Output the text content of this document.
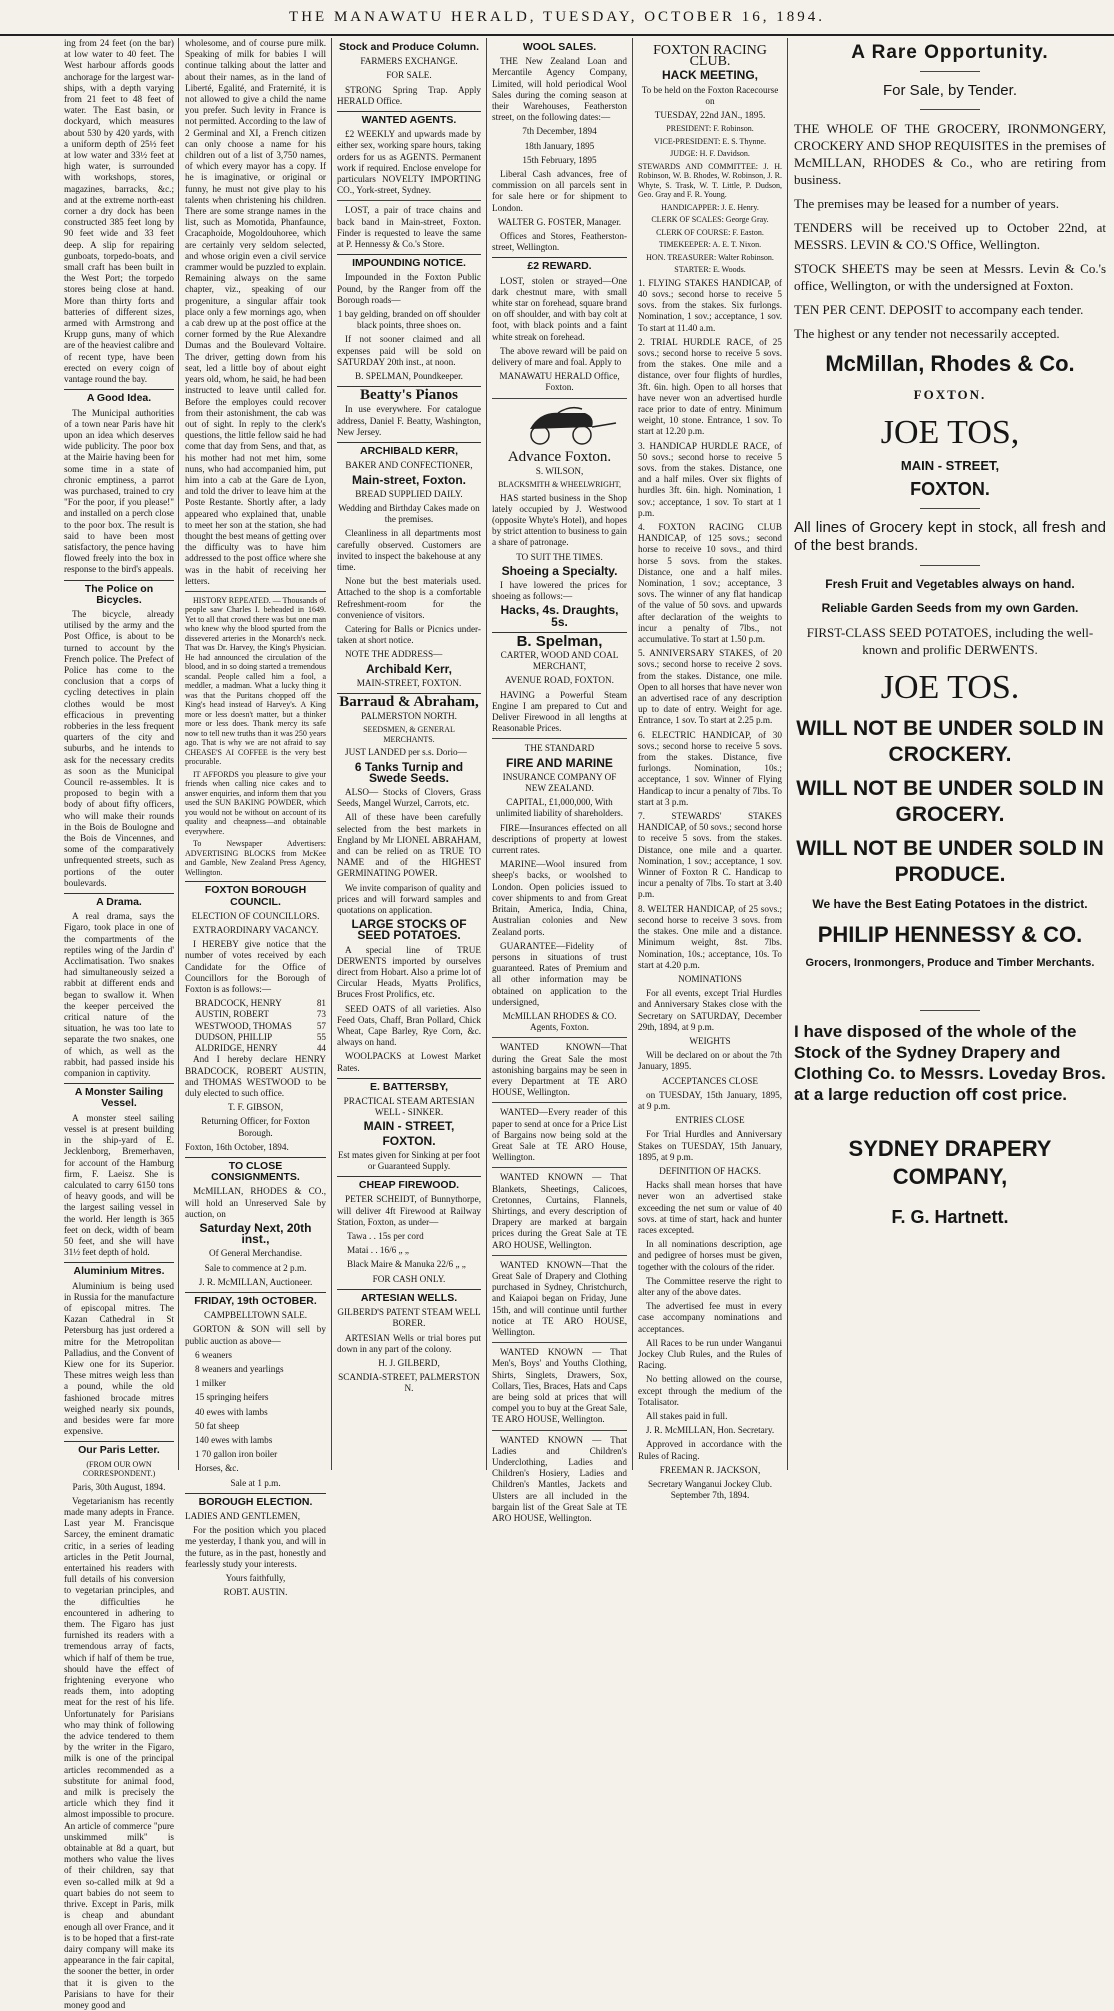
THE MANAWATU HERALD, TUESDAY, OCTOBER 16, 1894.

ing from 24 feet (on the bar) at low water to 40 feet. The West harbour affords goods anchorage for the largest war-ships, with a depth varying from 21 feet to 48 feet of water. The East basin, or dockyard, which measures about 530 by 420 yards, with a uniform depth of 25½ feet at low water and 33½ feet at high water, is surrounded with workshops, stores, magazines, barracks, &c.; and at the extreme north-east corner a dry dock has been constructed 385 feet long by 90 feet wide and 33 feet deep. A slip for repairing gunboats, torpedo-boats, and small craft has been built in the West Port; the torpedo stores being close at hand. More than thirty forts and batteries of different sizes, armed with Armstrong and Krupp guns, many of which are of the heaviest calibre and of recent type, have been erected on every coign of vantage round the bay.

A Good Idea.

The Municipal authorities of a town near Paris have hit upon an idea which deserves wide publicity. The poor box at the Mairie having been for some time in a state of chronic emptiness, a parrot was purchased, trained to cry "For the poor, if you please!" and installed on a perch close to the poor box. The result is said to have been most satisfactory, the pence having flowed freely into the box in response to the bird's appeals.

The Police on Bicycles.

The bicycle, already utilised by the army and the Post Office, is about to be turned to account by the French police. The Prefect of Police has come to the conclusion that a corps of cycling detectives in plain clothes would be most efficacious in preventing robberies in the less frequent quarters of the city and suburbs, and he intends to ask for the necessary credits as soon as the Municipal Council re-assembles. It is proposed to begin with a body of about fifty officers, who will make their rounds in the Bois de Boulogne and the Bois de Vincennes, and some of the comparatively unfrequented streets, such as portions of the outer boulevards.

A Drama.

A real drama, says the Figaro, took place in one of the compartments of the reptiles wing of the Jardin d' Acclimatisation. Two snakes had simultaneously seized a rabbit at different ends and began to swallow it. When the keeper perceived the critical nature of the situation, he was too late to separate the two snakes, one of which, as well as the rabbit, had passed inside his companion in captivity.

A Monster Sailing Vessel.

A monster steel sailing vessel is at present building in the ship-yard of E. Jecklenborg, Bremerhaven, for account of the Hamburg firm, F. Laeisz. She is calculated to carry 6150 tons of heavy goods, and will be the largest sailing vessel in the world. Her length is 365 feet on deck, width of beam 50 feet, and she will have 31½ feet depth of hold.

Aluminium Mitres.

Aluminium is being used in Russia for the manufacture of episcopal mitres. The Kazan Cathedral in St Petersburg has just ordered a mitre for the Metropolitan Palladius, and the Convent of Kiew one for its Superior. These mitres weigh less than a pound, while the old fashioned brocade mitres weighed nearly six pounds, and besides were far more expensive.

Our Paris Letter.

(FROM OUR OWN CORRESPONDENT.)

Paris, 30th August, 1894.

Vegetarianism has recently made many adepts in France. Last year M. Francisque Sarcey, the eminent dramatic critic, in a series of leading articles in the Petit Journal, entertained his readers with full details of his conversion to vegetarian principles, and the difficulties he encountered in adhering to them. The Figaro has just furnished its readers with a tremendous array of facts, which if half of them be true, should have the effect of frightening everyone who reads them, into adopting meat for the rest of his life. Unfortunately for Parisians who may think of following the advice tendered to them by the writer in the Figaro, milk is one of the principal articles recommended as a substitute for animal food, and milk is precisely the article which they find it almost impossible to procure. An article of commerce "pure unskimmed milk" is obtainable at 8d a quart, but mothers who value the lives of their children, say that even so-called milk at 9d a quart babies do not seem to thrive. Except in Paris, milk is cheap and abundant enough all over France, and it is to be hoped that a first-rate dairy company will make its appearance in the fair capital, the sooner the better, in order that it is given to the Parisians to have for their money good and

wholesome, and of course pure milk. Speaking of milk for babies I will continue talking about the latter and about their names, as in the land of Liberté, Egalité, and Fraternité, it is not allowed to give a child the name you prefer. Such levity in France is not permitted. According to the law of 2 Germinal and XI, a French citizen can only choose a name for his children out of a list of 3,750 names, of which every mayor has a copy. If he is imaginative, or original or funny, he must not give play to his talents when christening his children. There are some strange names in the list, such as Momotida, Phanfaunce, Cracaphoide, Mogoldouhoree, which are certainly very seldom selected, and whose origin even a civil service crammer would be puzzled to explain. Remaining always on the same chapter, viz., speaking of our progeniture, a singular affair took place only a few mornings ago, when a cab drew up at the post office at the corner formed by the Rue Alexandre Dumas and the Boulevard Voltaire. The driver, getting down from his seat, led a little boy of about eight years old, whom, he said, he had been instructed to leave until called for. Before the employes could recover from their astonishment, the cab was out of sight. In reply to the clerk's questions, the little fellow said he had come that day from Sens, and that, as his mother had not met him, some nuns, who had accompanied him, put him into a cab at the Gare de Lyon, and told the driver to leave him at the Poste Restante. Shortly after, a lady appeared who explained that, unable to meet her son at the station, she had thought the best means of getting over the difficulty was to have him addressed to the post office where she was in the habit of receiving her letters.

HISTORY REPEATED. — Thousands of people saw Charles I. beheaded in 1649. Yet to all that crowd there was but one man who knew why the blood spurted from the dissevered arteries in the Monarch's neck. That was Dr. Harvey, the King's Physician. He had announced the circulation of the blood, and in so doing started a tremendous scandal. People called him a fool, a meddler, a madman. What a lucky thing it was that the Puritans chopped off the King's head instead of Harvey's. A King more or less doesn't matter, but a thinker more or less does. Thank mercy its safe now to tell new truths than it was 250 years ago. That is why we are not afraid to say CHEASE'S AI COFFEE is the very best procurable.

IT AFFORDS you pleasure to give your friends when calling nice cakes and to answer enquiries, and inform them that you used the SUN BAKING POWDER, which you would not be without on account of its quality and cheapness—and obtainable everywhere.

To Newspaper Advertisers: ADVERTISING BLOCKS from McKee and Gamble, New Zealand Press Agency, Wellington.

FOXTON BOROUGH COUNCIL.

ELECTION OF COUNCILLORS.

EXTRAORDINARY VACANCY.

I HEREBY give notice that the number of votes received by each Candidate for the Office of Councillors for the Borough of Foxton is as follows:—

BRADCOCK, HENRY	81
AUSTIN, ROBERT	73
WESTWOOD, THOMAS	57
DUDSON, PHILLIP	55
ALDRIDGE, HENRY	44

And I hereby declare HENRY BRADCOCK, ROBERT AUSTIN, and THOMAS WESTWOOD to be duly elected to such office.

T. F. GIBSON,

Returning Officer, for Foxton Borough.

Foxton, 16th October, 1894.

TO CLOSE CONSIGNMENTS.

McMILLAN, RHODES & CO., will hold an Unreserved Sale by auction, on

Saturday Next, 20th inst.,

Of General Merchandise.

Sale to commence at 2 p.m.

J. R. McMILLAN, Auctioneer.

FRIDAY, 19th OCTOBER.

CAMPBELLTOWN SALE.

GORTON & SON will sell by public auction as above—

6 weaners

8 weaners and yearlings

1 milker

15 springing heifers

40 ewes with lambs

50 fat sheep

140 ewes with lambs

1 70 gallon iron boiler

Horses, &c.

Sale at 1 p.m.

BOROUGH ELECTION.

LADIES AND GENTLEMEN,

For the position which you placed me yesterday, I thank you, and will in the future, as in the past, honestly and fearlessly study your interests.

Yours faithfully,

ROBT. AUSTIN.

Stock and Produce Column.

FARMERS EXCHANGE.

FOR SALE.

STRONG Spring Trap. Apply HERALD Office.

WANTED AGENTS.

£2 WEEKLY and upwards made by either sex, working spare hours, taking orders for us as AGENTS. Permanent work if required. Enclose envelope for particulars NOVELTY IMPORTING CO., York-street, Sydney.

LOST, a pair of trace chains and back band in Main-street, Foxton. Finder is requested to leave the same at P. Hennessy & Co.'s Store.

IMPOUNDING NOTICE.

Impounded in the Foxton Public Pound, by the Ranger from off the Borough roads—

1 bay gelding, branded on off shoulder black points, three shoes on.

If not sooner claimed and all expenses paid will be sold on SATURDAY 20th inst., at noon.

B. SPELMAN, Poundkeeper.

Beatty's Pianos

In use everywhere. For catalogue address, Daniel F. Beatty, Washington, New Jersey.

ARCHIBALD KERR,

BAKER AND CONFECTIONER,

Main-street, Foxton.

BREAD SUPPLIED DAILY.

Wedding and Birthday Cakes made on the premises.

Cleanliness in all departments most carefully observed. Customers are invited to inspect the bakehouse at any time.

None but the best materials used. Attached to the shop is a comfortable Refreshment-room for the convenience of visitors.

Catering for Balls or Picnics under-taken at short notice.

NOTE THE ADDRESS—

Archibald Kerr,

MAIN-STREET, FOXTON.

Barraud & Abraham,

PALMERSTON NORTH.

SEEDSMEN, & GENERAL MERCHANTS.

JUST LANDED per s.s. Dorio—

6 Tanks Turnip and Swede Seeds.

ALSO— Stocks of Clovers, Grass Seeds, Mangel Wurzel, Carrots, etc.

All of these have been carefully selected from the best markets in England by Mr LIONEL ABRAHAM, and can be relied on as TRUE TO NAME and of the HIGHEST GERMINATING POWER.

We invite comparison of quality and prices and will forward samples and quotations on application.

LARGE STOCKS OF SEED POTATOES.

A special line of TRUE DERWENTS imported by ourselves direct from Hobart. Also a prime lot of Circular Heads, Myatts Prolifics, Bruces Frost Prolifics, etc.

SEED OATS of all varieties. Also Feed Oats, Chaff, Bran Pollard, Chick Wheat, Cape Barley, Rye Corn, &c. always on hand.

WOOLPACKS at Lowest Market Rates.

E. BATTERSBY,

PRACTICAL STEAM ARTESIAN WELL - SINKER.

MAIN - STREET,

FOXTON.

Est mates given for Sinking at per foot or Guaranteed Supply.

CHEAP FIREWOOD.

PETER SCHEIDT, of Bunnythorpe, will deliver 4ft Firewood at Railway Station, Foxton, as under—

Tawa . . 15s per cord

Matai . . 16/6 „ „

Black Maire & Manuka 22/6 „ „

FOR CASH ONLY.

ARTESIAN WELLS.

GILBERD'S PATENT STEAM WELL BORER.

ARTESIAN Wells or trial bores put down in any part of the colony.

H. J. GILBERD,

SCANDIA-STREET, PALMERSTON N.

WOOL SALES.

THE New Zealand Loan and Mercantile Agency Company, Limited, will hold periodical Wool Sales during the coming season at their Warehouses, Featherston street, on the following dates:—

7th December, 1894

18th January, 1895

15th February, 1895

Liberal Cash advances, free of commission on all parcels sent in for sale here or for shipment to London.

WALTER G. FOSTER, Manager.

Offices and Stores, Featherston-street, Wellington.

£2 REWARD.

LOST, stolen or strayed—One dark chestnut mare, with small white star on forehead, square brand on off shoulder, and with bay colt at foot, with black points and a faint white streak on forehead.

The above reward will be paid on delivery of mare and foal. Apply to

MANAWATU HERALD Office, Foxton.

Advance Foxton.

S. WILSON,

BLACKSMITH & WHEELWRIGHT,

HAS started business in the Shop lately occupied by J. Westwood (opposite Whyte's Hotel), and hopes by strict attention to business to gain a share of patronage.

TO SUIT THE TIMES.

Shoeing a Specialty.

I have lowered the prices for shoeing as follows:—

Hacks, 4s. Draughts, 5s.

B. Spelman,

CARTER, WOOD AND COAL MERCHANT,

AVENUE ROAD, FOXTON.

HAVING a Powerful Steam Engine I am prepared to Cut and Deliver Firewood in all lengths at Reasonable Prices.

THE STANDARD

FIRE AND MARINE

INSURANCE COMPANY OF NEW ZEALAND.

CAPITAL, £1,000,000, With unlimited liability of shareholders.

FIRE—Insurances effected on all descriptions of property at lowest current rates.

MARINE—Wool insured from sheep's backs, or woolshed to London. Open policies issued to cover shipments to and from Great Britain, America, India, China, Australian colonies and New Zealand ports.

GUARANTEE—Fidelity of persons in situations of trust guaranteed. Rates of Premium and all other information may be obtained on application to the undersigned,

McMILLAN RHODES & CO. Agents, Foxton.

WANTED KNOWN—That during the Great Sale the most astonishing bargains may be seen in every Department at TE ARO HOUSE, Wellington.

WANTED—Every reader of this paper to send at once for a Price List of Bargains now being sold at the Great Sale at TE ARO House, Wellington.

WANTED KNOWN — That Blankets, Sheetings, Calicoes, Cretonnes, Curtains, Flannels, Shirtings, and every description of Drapery are marked at bargain prices during the Great Sale at TE ARO HOUSE, Wellington.

WANTED KNOWN—That the Great Sale of Drapery and Clothing purchased in Sydney, Christchurch, and Kaiapoi began on Friday, June 15th, and will continue until further notice at TE ARO HOUSE, Wellington.

WANTED KNOWN — That Men's, Boys' and Youths Clothing, Shirts, Singlets, Drawers, Sox, Collars, Ties, Braces, Hats and Caps are being sold at prices that will compel you to buy at the Great Sale, TE ARO HOUSE, Wellington.

WANTED KNOWN — That Ladies and Children's Underclothing, Ladies and Children's Hosiery, Ladies and Children's Mantles, Jackets and Ulsters are all included in the bargain list of the Great Sale at TE ARO HOUSE, Wellington.

FOXTON RACING CLUB.

HACK MEETING,

To be held on the Foxton Racecourse on

TUESDAY, 22nd JAN., 1895.

PRESIDENT: F. Robinson.

VICE-PRESIDENT: E. S. Thynne.

JUDGE: H. F. Davidson.

STEWARDS AND COMMITTEE: J. H. Robinson, W. B. Rhodes, W. Robinson, J. R. Whyte, S. Trask, W. T. Little, P. Dudson, Geo. Gray and F. R. Young.

HANDICAPPER: J. E. Henry.

CLERK OF SCALES: George Gray.

CLERK OF COURSE: F. Easton.

TIMEKEEPER: A. E. T. Nixon.

HON. TREASURER: Walter Robinson.

STARTER: E. Woods.

1. FLYING STAKES HANDICAP, of 40 sovs.; second horse to receive 5 sovs. from the stakes. Six furlongs. Nomination, 1 sov.; acceptance, 1 sov. To start at 11.40 a.m.

2. TRIAL HURDLE RACE, of 25 sovs.; second horse to receive 5 sovs. from the stakes. One mile and a distance, over four flights of hurdles, 3ft. 6in. high. Open to all horses that have never won an advertised hurdle race prior to date of entry. Minimum weight, 10 stone. Entrance, 1 sov. To start at 12.20 p.m.

3. HANDICAP HURDLE RACE, of 50 sovs.; second horse to receive 5 sovs. from the stakes. Distance, one and a half miles. Over six flights of hurdles 3ft. 6in. high. Nomination, 1 sov.; acceptance, 1 sov. To start at 1 p.m.

4. FOXTON RACING CLUB HANDICAP, of 125 sovs.; second horse to receive 10 sovs., and third horse 5 sovs. from the stakes. Distance, one and a half miles. Nomination, 1 sov.; acceptance, 3 sovs. The winner of any flat handicap of the value of 50 sovs. and upwards after declaration of the weights to incur a penalty of 7lbs., not accumulative. To start at 1.50 p.m.

5. ANNIVERSARY STAKES, of 20 sovs.; second horse to receive 2 sovs. from the stakes. Distance, one mile. Open to all horses that have never won an advertised race of any description up to date of entry. Weight for age. Entrance, 1 sov. To start at 2.25 p.m.

6. ELECTRIC HANDICAP, of 30 sovs.; second horse to receive 5 sovs. from the stakes. Distance, five furlongs. Nomination, 10s.; acceptance, 1 sov. Winner of Flying Handicap to incur a penalty of 7lbs. To start at 3 p.m.

7. STEWARDS' STAKES HANDICAP, of 50 sovs.; second horse to receive 5 sovs. from the stakes. Distance, one mile and a quarter. Nomination, 1 sov.; acceptance, 1 sov. Winner of Foxton R C. Handicap to incur a penalty of 7lbs. To start at 3.40 p.m.

8. WELTER HANDICAP, of 25 sovs.; second horse to receive 3 sovs. from the stakes. One mile and a distance. Minimum weight, 8st. 7lbs. Nomination, 10s.; acceptance, 10s. To start at 4.20 p.m.

NOMINATIONS

For all events, except Trial Hurdles and Anniversary Stakes close with the Secretary on SATURDAY, December 29th, 1894, at 9 p.m.

WEIGHTS

Will be declared on or about the 7th January, 1895.

ACCEPTANCES CLOSE

on TUESDAY, 15th January, 1895, at 9 p.m.

ENTRIES CLOSE

For Trial Hurdles and Anniversary Stakes on TUESDAY, 15th January, 1895, at 9 p.m.

DEFINITION OF HACKS.

Hacks shall mean horses that have never won an advertised stake exceeding the net sum or value of 40 sovs. at time of start, hack and hunter races excepted.

In all nominations description, age and pedigree of horses must be given, together with the colours of the rider.

The Committee reserve the right to alter any of the above dates.

The advertised fee must in every case accompany nominations and acceptances.

All Races to be run under Wanganui Jockey Club Rules, and the Rules of Racing.

No betting allowed on the course, except through the medium of the Totalisator.

All stakes paid in full.

J. R. McMILLAN, Hon. Secretary.

Approved in accordance with the Rules of Racing.

FREEMAN R. JACKSON,

Secretary Wanganui Jockey Club. September 7th, 1894.

A Rare Opportunity.

For Sale, by Tender.

THE WHOLE OF THE GROCERY, IRONMONGERY, CROCKERY AND SHOP REQUISITES in the premises of McMILLAN, RHODES & Co., who are retiring from business.

The premises may be leased for a number of years.

TENDERS will be received up to October 22nd, at MESSRS. LEVIN & CO.'S Office, Wellington.

STOCK SHEETS may be seen at Messrs. Levin & Co.'s office, Wellington, or with the undersigned at Foxton.

TEN PER CENT. DEPOSIT to accompany each tender.

The highest or any tender not necessarily accepted.

McMillan, Rhodes & Co.

FOXTON.

JOE TOS,

MAIN - STREET,

FOXTON.

All lines of Grocery kept in stock, all fresh and of the best brands.

Fresh Fruit and Vegetables always on hand.

Reliable Garden Seeds from my own Garden.

FIRST-CLASS SEED POTATOES, including the well-known and prolific DERWENTS.

JOE TOS.
WILL NOT BE UNDER SOLD IN CROCKERY.
WILL NOT BE UNDER SOLD IN GROCERY.
WILL NOT BE UNDER SOLD IN PRODUCE.

We have the Best Eating Potatoes in the district.

PHILIP HENNESSY & CO.

Grocers, Ironmongers, Produce and Timber Merchants.

I have disposed of the whole of the Stock of the Sydney Drapery and Clothing Co. to Messrs. Loveday Bros. at a large reduction off cost price.

SYDNEY DRAPERY COMPANY,

F. G. Hartnett.
